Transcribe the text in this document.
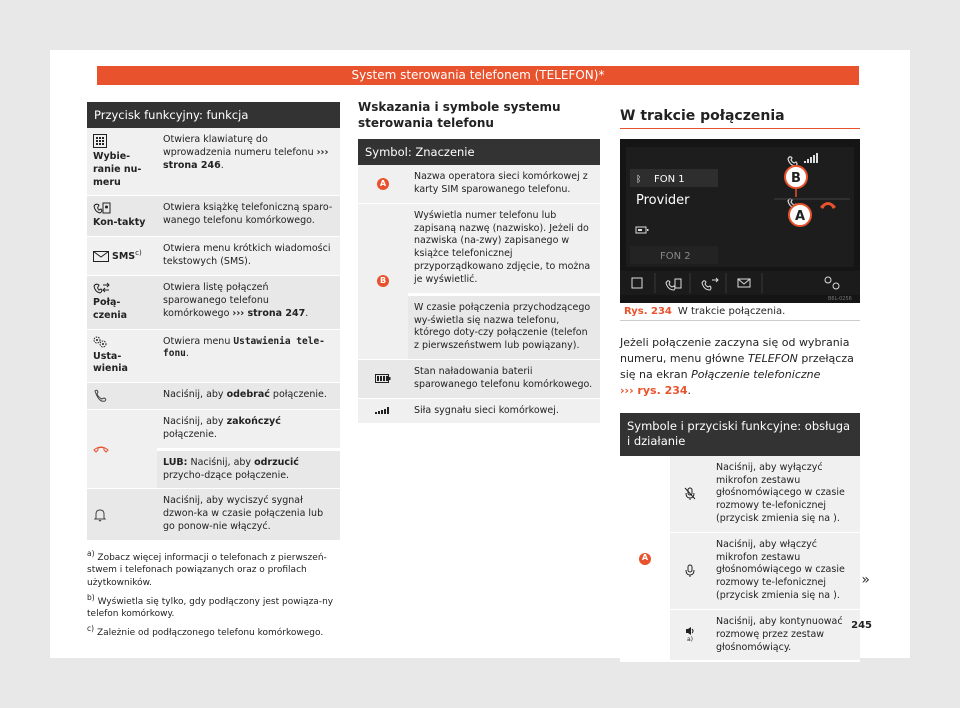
System sterowania telefonem (TELEFON)*
Przycisk funkcyjny: funkcja
Wybie-ranie nu-meru
Otwiera klawiaturę do wprowadzenia numeru telefonu ››› strona 246.
Kon-takty
Otwiera książkę telefoniczną sparo-wanego telefonu komórkowego.
SMS$^{c)}$	Otwiera menu krótkich wiadomości tekstowych (SMS).
Połą-czenia
Otwiera listę połączeń sparowanego telefonu komórkowego ››› strona 247.
Usta-wienia
Otwiera menu Ustawienia tele-fonu.
Naciśnij, aby odebrać połączenie.
Naciśnij, aby zakończyć połączenie.
LUB: Naciśnij, aby odrzucić przycho-dzące połączenie.
Naciśnij, aby wyciszyć sygnał dzwon-ka w czasie połączenia lub go ponow-nie włączyć.

$^{a)}$ Zobacz więcej informacji o telefonach z pierwszeń-stwem i telefonach powiązanych oraz o profilach użytkowników.

$^{b)}$ Wyświetla się tylko, gdy podłączony jest powiąza-ny telefon komórkowy.

$^{c)}$ Zależnie od podłączonego telefonu komórkowego.

Wskazania i symbole systemu sterowania telefonu
Symbol: Znaczenie
A
Nazwa operatora sieci komórkowej z karty SIM sparowanego telefonu.
B
Wyświetla numer telefonu lub zapisaną nazwę (nazwisko). Jeżeli do nazwiska (na-zwy) zapisanego w książce telefonicznej przyporządkowano zdjęcie, to można je wyświetlić.
W czasie połączenia przychodzącego wy-świetla się nazwa telefonu, którego doty-czy połączenie (telefon z pierwszeństwem lub powiązany).
Stan naładowania baterii sparowanego telefonu komórkowego.
Siła sygnału sieci komórkowej.
W trakcie połączenia
ᛒ FON 1
Provider
FON 2
B
A
B6L-0256
Rys. 234 W trakcie połączenia.
Jeżeli połączenie zaczyna się od wybrania numeru, menu główne TELEFON przełącza się na ekran Połączenie telefoniczne
››› rys. 234.
Symbole i przyciski funkcyjne: obsługa i działanie
A
Naciśnij, aby wyłączyć mikrofon zestawu głośnomówiącego w czasie rozmowy te-lefonicznej (przycisk zmienia się na ).
Naciśnij, aby włączyć mikrofon zestawu głośnomówiącego w czasie rozmowy te-lefonicznej (przycisk zmienia się na ).
a)
Naciśnij, aby kontynuować rozmowę przez zestaw głośnomówiący.
»
245
